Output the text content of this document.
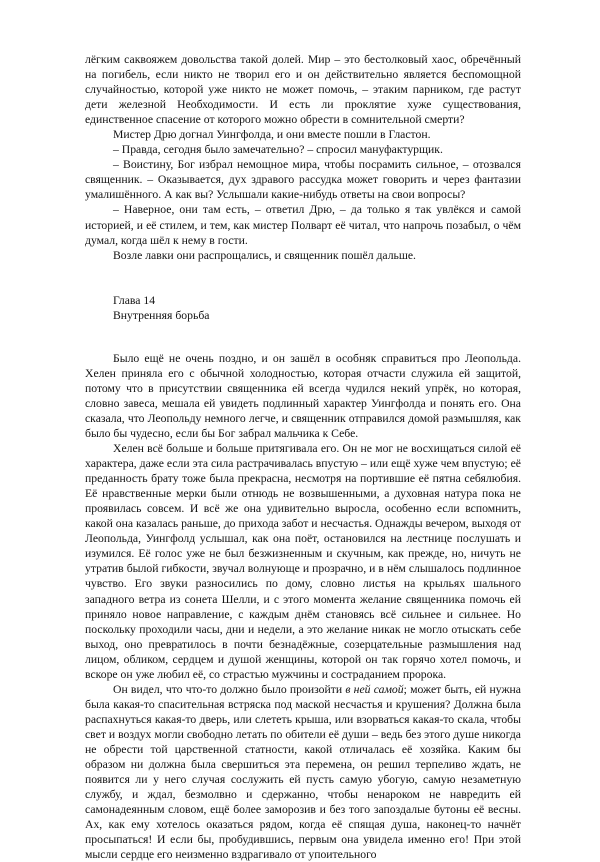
лёгким саквояжем довольства такой долей. Мир – это бестолковый хаос, обречённый на погибель, если никто не творил его и он действительно является беспомощной случайностью, которой уже никто не может помочь, – этаким парником, где растут дети железной Необходимости. И есть ли проклятие хуже существования, единственное спасение от которого можно обрести в сомнительной смерти?

Мистер Дрю догнал Уингфолда, и они вместе пошли в Гластон.

– Правда, сегодня было замечательно? – спросил мануфактурщик.

– Воистину, Бог избрал немощное мира, чтобы посрамить сильное, – отозвался священник. – Оказывается, дух здравого рассудка может говорить и через фантазии умалишённого. А как вы? Услышали какие-нибудь ответы на свои вопросы?

– Наверное, они там есть, – ответил Дрю, – да только я так увлёкся и самой историей, и её стилем, и тем, как мистер Полварт её читал, что напрочь позабыл, о чём думал, когда шёл к нему в гости.

Возле лавки они распрощались, и священник пошёл дальше.

Глава 14
Внутренняя борьба

Было ещё не очень поздно, и он зашёл в особняк справиться про Леопольда. Хелен приняла его с обычной холодностью, которая отчасти служила ей защитой, потому что в присутствии священника ей всегда чудился некий упрёк, но которая, словно завеса, мешала ей увидеть подлинный характер Уингфолда и понять его. Она сказала, что Леопольду немного легче, и священник отправился домой размышляя, как было бы чудесно, если бы Бог забрал мальчика к Себе.

Хелен всё больше и больше притягивала его. Он не мог не восхищаться силой её характера, даже если эта сила растрачивалась впустую – или ещё хуже чем впустую; её преданность брату тоже была прекрасна, несмотря на портившие её пятна себялюбия. Её нравственные мерки были отнюдь не возвышенными, а духовная натура пока не проявилась совсем. И всё же она удивительно выросла, особенно если вспомнить, какой она казалась раньше, до прихода забот и несчастья. Однажды вечером, выходя от Леопольда, Уингфолд услышал, как она поёт, остановился на лестнице послушать и изумился. Её голос уже не был безжизненным и скучным, как прежде, но, ничуть не утратив былой гибкости, звучал волнующе и прозрачно, и в нём слышалось подлинное чувство. Его звуки разносились по дому, словно листья на крыльях шального западного ветра из сонета Шелли, и с этого момента желание священника помочь ей приняло новое направление, с каждым днём становясь всё сильнее и сильнее. Но поскольку проходили часы, дни и недели, а это желание никак не могло отыскать себе выход, оно превратилось в почти безнадёжные, созерцательные размышления над лицом, обликом, сердцем и душой женщины, которой он так горячо хотел помочь, и вскоре он уже любил её, со страстью мужчины и состраданием пророка.

Он видел, что что-то должно было произойти в ней самой; может быть, ей нужна была какая-то спасительная встряска под маской несчастья и крушения? Должна была распахнуться какая-то дверь, или слететь крыша, или взорваться какая-то скала, чтобы свет и воздух могли свободно летать по обители её души – ведь без этого душе никогда не обрести той царственной статности, какой отличалась её хозяйка. Каким бы образом ни должна была свершиться эта перемена, он решил терпеливо ждать, не появится ли у него случая сослужить ей пусть самую убогую, самую незаметную службу, и ждал, безмолвно и сдержанно, чтобы ненароком не навредить ей самонадеянным словом, ещё более заморозив и без того запоздалые бутоны её весны. Ах, как ему хотелось оказаться рядом, когда её спящая душа, наконец-то начнёт просыпаться! И если бы, пробудившись, первым она увидела именно его! При этой мысли сердце его неизменно вздрагивало от упоительного
